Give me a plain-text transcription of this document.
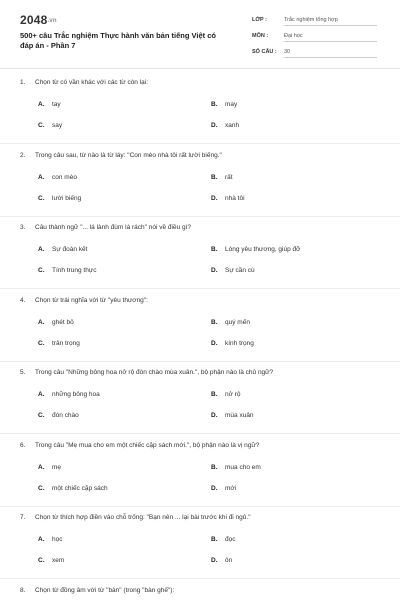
2048.vn
500+ câu Trắc nghiệm Thực hành văn bản tiếng Việt có đáp án - Phần 7
LỚP :	Trắc nghiệm tổng hợp
MÔN :	Đại học
SỐ CÂU : 30
1. Chọn từ có vần khác với các từ còn lại:
A. tay	B. may
C. say	D. xanh
2. Trong câu sau, từ nào là từ láy: "Con mèo nhà tôi rất lười biếng."
A. con mèo	B. rất
C. lười biếng	D. nhà tôi
3. Câu thành ngữ "... lá lành đùm lá rách" nói về điều gì?
A. Sự đoàn kết	B. Lòng yêu thương, giúp đỡ
C. Tính trung thực	D. Sự cần cù
4. Chọn từ trái nghĩa với từ "yêu thương":
A. ghét bỏ	B. quý mến
C. trân trọng	D. kính trọng
5. Trong câu "Những bông hoa nở rộ đón chào mùa xuân.", bộ phận nào là chủ ngữ?
A. những bông hoa	B. nở rộ
C. đón chào	D. mùa xuân
6. Trong câu "Mẹ mua cho em một chiếc cặp sách mới.", bộ phận nào là vị ngữ?
A. mẹ	B. mua cho em
C. một chiếc cặp sách	D. mới
7. Chọn từ thích hợp điền vào chỗ trống: "Bạn nên ... lại bài trước khi đi ngủ."
A. học	B. đọc
C. xem	D. ôn
8. Chọn từ đồng âm với từ "bàn" (trong "bàn ghế"):
